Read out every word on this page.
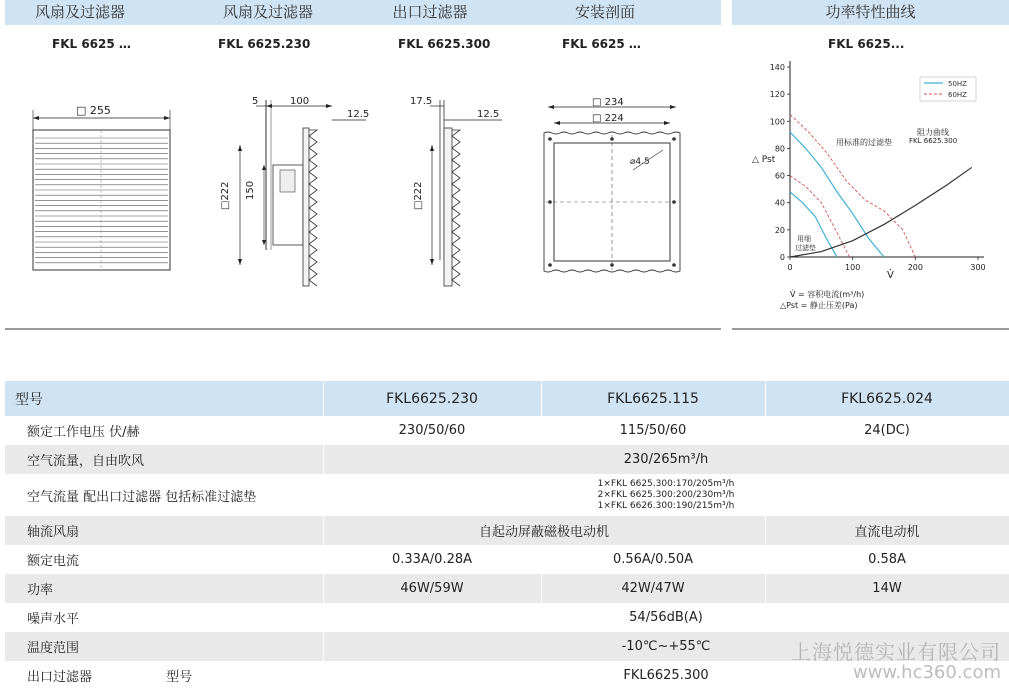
风扇及过滤器	风扇及过滤器	出口过滤器	安装剖面	功率特性曲线
FKL 6625 …	FKL 6625.230	FKL 6625.300	FKL 6625 …	FKL 6625...
□ 255
5	100
12.5
□222 150
17.5
12.5
□222
□ 234
□ 224
⌀4.5
0
20
40
60
80
100
120
140
0	100	200	300
△ Pst
V̇
50HZ
60HZ
阻力曲线
FKL 6625.300
用标准的过滤垫
用细
过滤垫
V̇ = 容积电流(m³/h)
△Pst = 静止压差(Pa)
型号	FKL6625.230	FKL6625.115	FKL6625.024
额定工作电压 伏/赫	230/50/60	115/50/60	24(DC)
空气流量，自由吹风	230/265m³/h		
空气流量 配出口过滤器 包括标准过滤垫	1×FKL 6625.300:170/205m³/h
2×FKL 6625.300:200/230m³/h
1×FKL 6626.300:190/215m³/h		
轴流风扇	自起动屏蔽磁极电动机		直流电动机
额定电流	0.33A/0.28A	0.56A/0.50A	0.58A
功率	46W/59W	42W/47W	14W
噪声水平	54/56dB(A)		
温度范围	-10℃~+55℃		
出口过滤器 型号	FKL6625.300		
上海悦德实业有限公司
www.hc360.com
